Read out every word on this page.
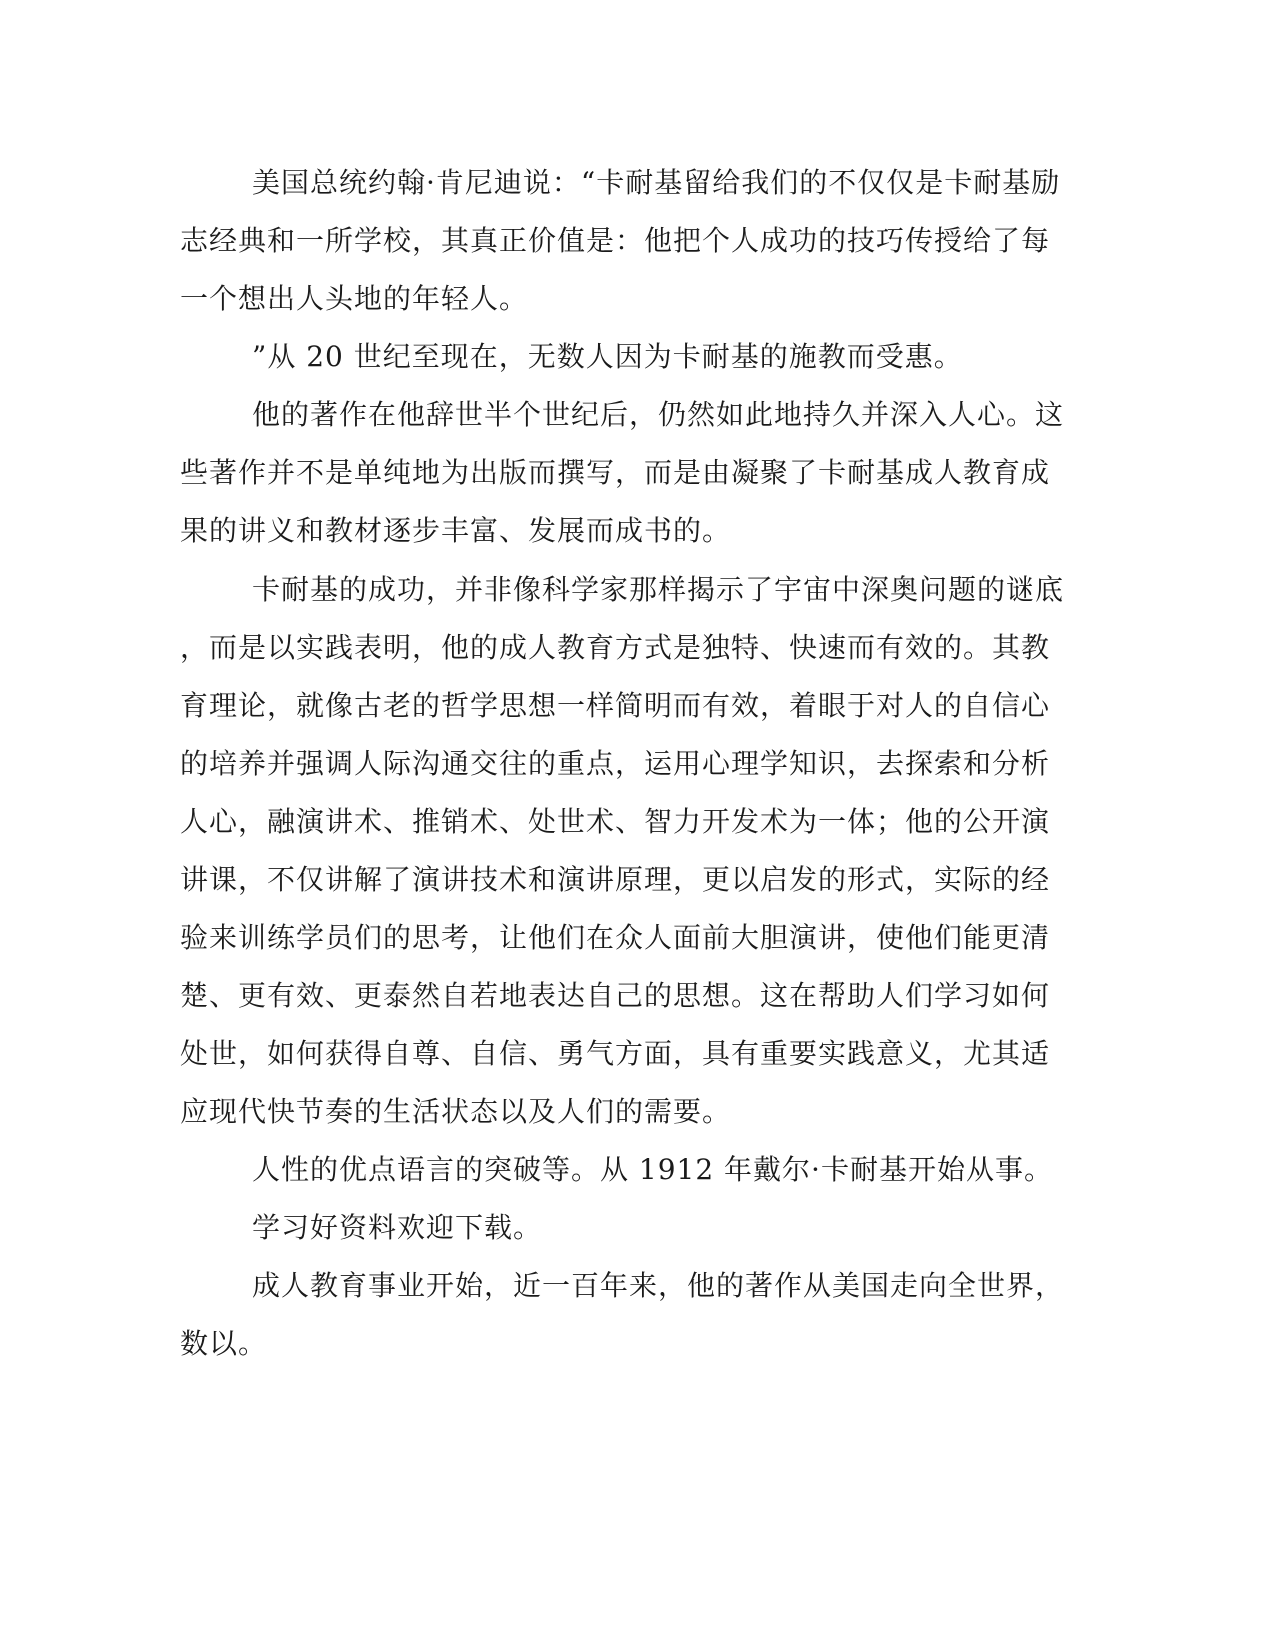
美国总统约翰·肯尼迪说：“卡耐基留给我们的不仅仅是卡耐基励

志经典和一所学校，其真正价值是：他把个人成功的技巧传授给了每

一个想出人头地的年轻人。

”从 20 世纪至现在，无数人因为卡耐基的施教而受惠。

他的著作在他辞世半个世纪后，仍然如此地持久并深入人心。这

些著作并不是单纯地为出版而撰写，而是由凝聚了卡耐基成人教育成

果的讲义和教材逐步丰富、发展而成书的。

卡耐基的成功，并非像科学家那样揭示了宇宙中深奥问题的谜底

，而是以实践表明，他的成人教育方式是独特、快速而有效的。其教

育理论，就像古老的哲学思想一样简明而有效，着眼于对人的自信心

的培养并强调人际沟通交往的重点，运用心理学知识，去探索和分析

人心，融演讲术、推销术、处世术、智力开发术为一体；他的公开演

讲课，不仅讲解了演讲技术和演讲原理，更以启发的形式，实际的经

验来训练学员们的思考，让他们在众人面前大胆演讲，使他们能更清

楚、更有效、更泰然自若地表达自己的思想。这在帮助人们学习如何

处世，如何获得自尊、自信、勇气方面，具有重要实践意义，尤其适

应现代快节奏的生活状态以及人们的需要。

人性的优点语言的突破等。从 1912 年戴尔·卡耐基开始从事。

学习好资料欢迎下载。

成人教育事业开始，近一百年来，他的著作从美国走向全世界，

数以。
